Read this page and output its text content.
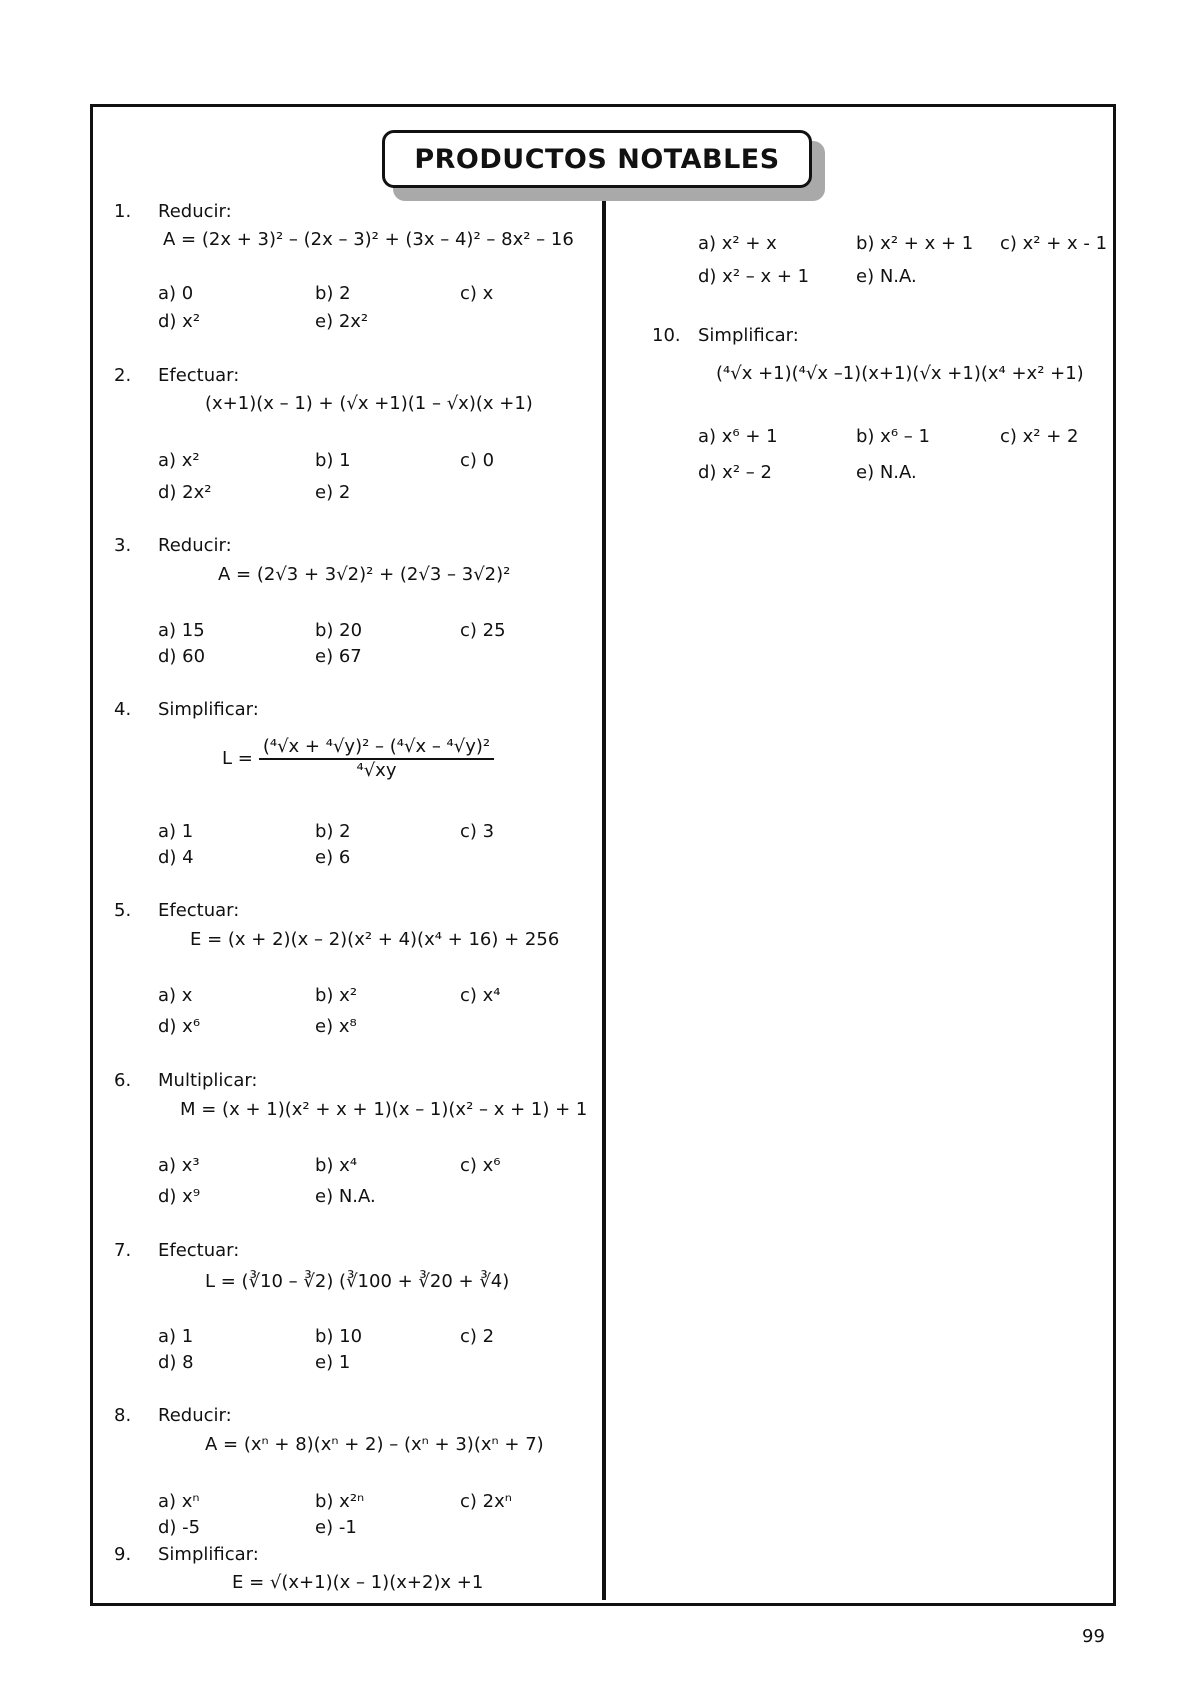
PRODUCTOS NOTABLES
1. Reducir:
A = (2x + 3)² – (2x – 3)² + (3x – 4)² – 8x² – 16
a) 0	b) 2	c) x
d) x²	e) 2x²
2. Efectuar:
(x+1)(x – 1) + (√x +1)(1 – √x)(x +1)
a) x²	b) 1	c) 0
d) 2x²	e) 2
3. Reducir:
A = (2√3 + 3√2)² + (2√3 – 3√2)²
a) 15	b) 20	c) 25
d) 60	e) 67
4. Simplificar:
$L = \frac{\text{(⁴√x + ⁴√y)² – (⁴√x – ⁴√y)²}}{\text{⁴√xy}}$
a) 1	b) 2	c) 3
d) 4	e) 6
5. Efectuar:
E = (x + 2)(x – 2)(x² + 4)(x⁴ + 16) + 256
a) x	b) x²	c) x⁴
d) x⁶	e) x⁸
6. Multiplicar:
M = (x + 1)(x² + x + 1)(x – 1)(x² – x + 1) + 1
a) x³	b) x⁴	c) x⁶
d) x⁹	e) N.A.
7. Efectuar:
L = (∛10 – ∛2) (∛100 + ∛20 + ∛4)
a) 1	b) 10	c) 2
d) 8	e) 1
8. Reducir:
A = (xⁿ + 8)(xⁿ + 2) – (xⁿ + 3)(xⁿ + 7)
a) xⁿ	b) x²ⁿ	c) 2xⁿ
d) -5	e) -1
9. Simplificar:
E = √(x+1)(x – 1)(x+2)x +1
a) x² + x	b) x² + x + 1 c) x² + x - 1
d) x² – x + 1	e) N.A.
10. Simplificar:
(⁴√x +1)(⁴√x –1)(x+1)(√x +1)(x⁴ +x² +1)
a) x⁶ + 1	b) x⁶ – 1	c) x² + 2
d) x² – 2	e) N.A.
99
